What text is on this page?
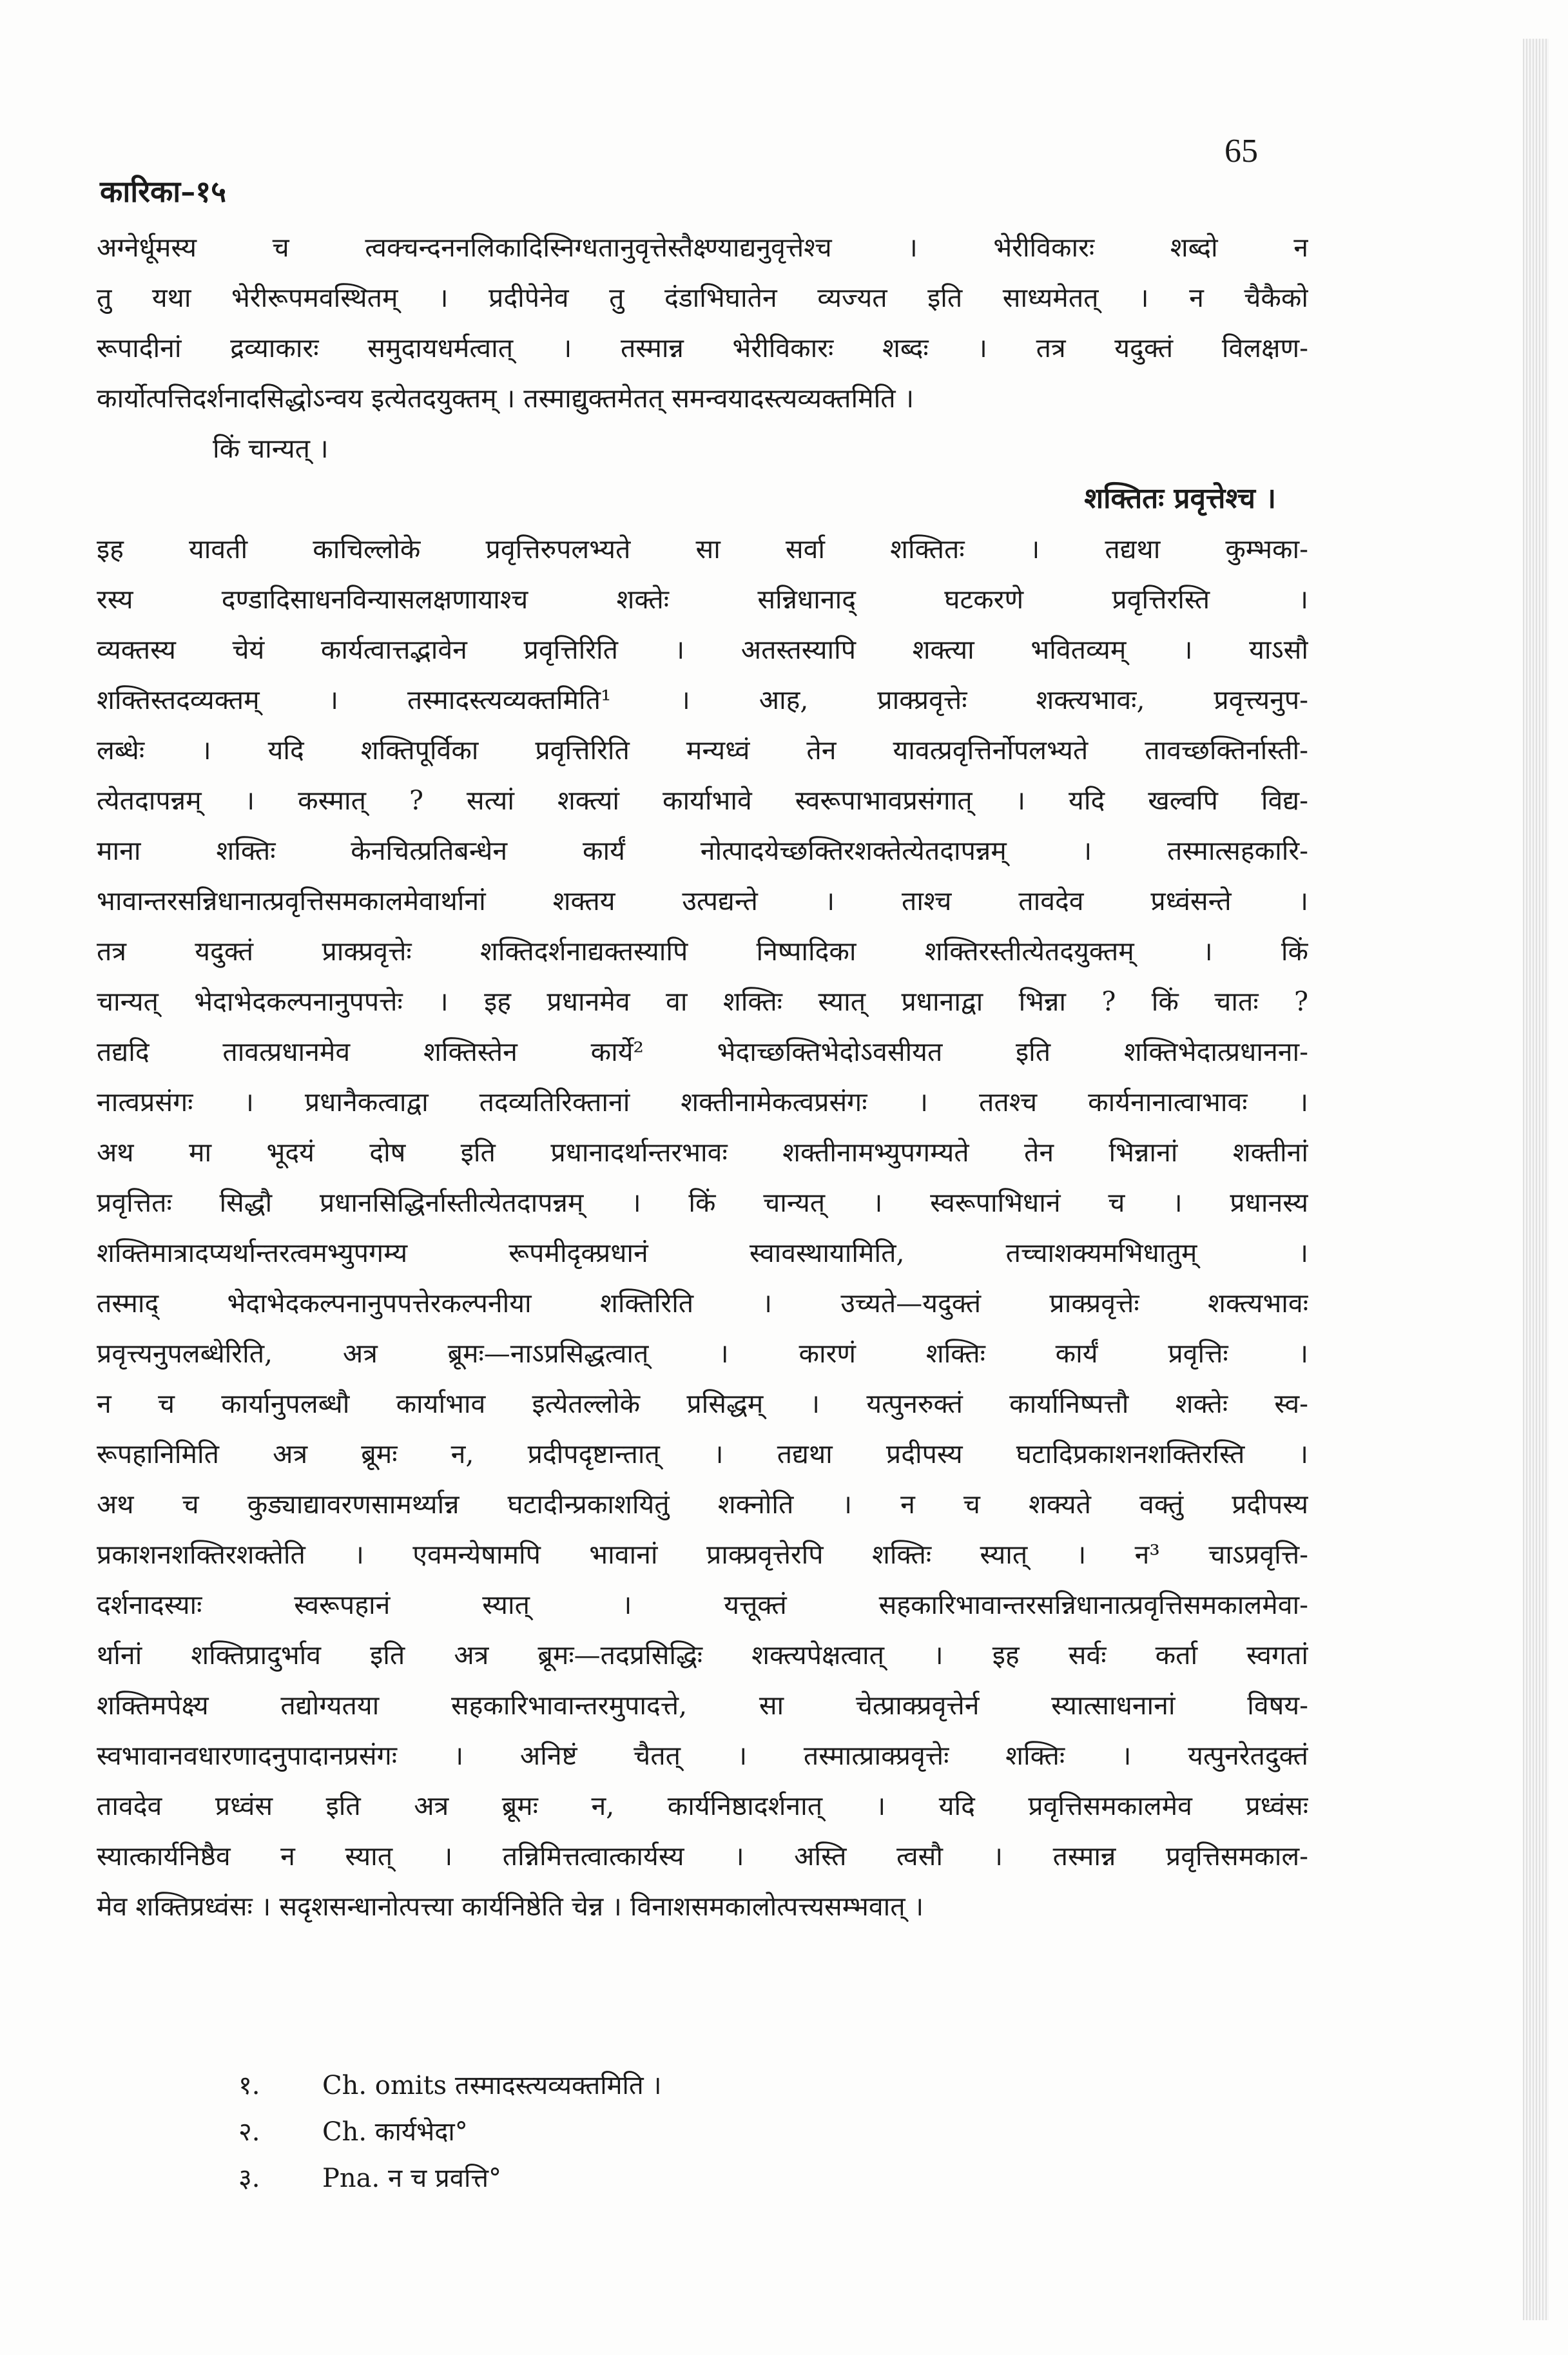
65
कारिका–१५
अग्नेर्धूमस्य च त्वक्चन्दननलिकादिस्निग्धतानुवृत्तेस्तैक्ष्ण्याद्यनुवृत्तेश्च । भेरीविकारः शब्दो न
तु यथा भेरीरूपमवस्थितम् । प्रदीपेनेव तु दंडाभिघातेन व्यज्यत इति साध्यमेतत् । न चैकैको
रूपादीनां द्रव्याकारः समुदायधर्मत्वात् । तस्मान्न भेरीविकारः शब्दः । तत्र यदुक्तं विलक्षण-
कार्योत्पत्तिदर्शनादसिद्धोऽन्वय इत्येतदयुक्तम् । तस्माद्युक्तमेतत् समन्वयादस्त्यव्यक्तमिति ।
किं चान्यत् ।
शक्तितः प्रवृत्तेश्च ।
इह यावती काचिल्लोके प्रवृत्तिरुपलभ्यते सा सर्वा शक्तितः । तद्यथा कुम्भका-
रस्य दण्डादिसाधनविन्यासलक्षणायाश्च शक्तेः सन्निधानाद् घटकरणे प्रवृत्तिरस्ति ।
व्यक्तस्य चेयं कार्यत्वात्तद्भावेन प्रवृत्तिरिति । अतस्तस्यापि शक्त्या भवितव्यम् । याऽसौ
शक्तिस्तदव्यक्तम् । तस्मादस्त्यव्यक्तमिति¹ । आह, प्राक्प्रवृत्तेः शक्त्यभावः, प्रवृत्त्यनुप-
लब्धेः । यदि शक्तिपूर्विका प्रवृत्तिरिति मन्यध्वं तेन यावत्प्रवृत्तिर्नोपलभ्यते तावच्छक्तिर्नास्ती-
त्येतदापन्नम् । कस्मात् ? सत्यां शक्त्यां कार्याभावे स्वरूपाभावप्रसंगात् । यदि खल्वपि विद्य-
माना शक्तिः केनचित्प्रतिबन्धेन कार्यं नोत्पादयेच्छक्तिरशक्तेत्येतदापन्नम् । तस्मात्सहकारि-
भावान्तरसन्निधानात्प्रवृत्तिसमकालमेवार्थानां शक्तय उत्पद्यन्ते । ताश्च तावदेव प्रध्वंसन्ते ।
तत्र यदुक्तं प्राक्प्रवृत्तेः शक्तिदर्शनाद्यक्तस्यापि निष्पादिका शक्तिरस्तीत्येतदयुक्तम् । किं
चान्यत् भेदाभेदकल्पनानुपपत्तेः । इह प्रधानमेव वा शक्तिः स्यात् प्रधानाद्वा भिन्ना ? किं चातः ?
तद्यदि तावत्प्रधानमेव शक्तिस्तेन कार्ये² भेदाच्छक्तिभेदोऽवसीयत इति शक्तिभेदात्प्रधानना-
नात्वप्रसंगः । प्रधानैकत्वाद्वा तदव्यतिरिक्तानां शक्तीनामेकत्वप्रसंगः । ततश्च कार्यनानात्वाभावः ।
अथ मा भूदयं दोष इति प्रधानादर्थान्तरभावः शक्तीनामभ्युपगम्यते तेन भिन्नानां शक्तीनां
प्रवृत्तितः सिद्धौ प्रधानसिद्धिर्नास्तीत्येतदापन्नम् । किं चान्यत् । स्वरूपाभिधानं च । प्रधानस्य
शक्तिमात्रादप्यर्थान्तरत्वमभ्युपगम्य रूपमीदृक्प्रधानं स्वावस्थायामिति, तच्चाशक्यमभिधातुम् ।
तस्माद् भेदाभेदकल्पनानुपपत्तेरकल्पनीया शक्तिरिति । उच्यते—यदुक्तं प्राक्प्रवृत्तेः शक्त्यभावः
प्रवृत्त्यनुपलब्धेरिति, अत्र ब्रूमः—नाऽप्रसिद्धत्वात् । कारणं शक्तिः कार्यं प्रवृत्तिः ।
न च कार्यानुपलब्धौ कार्याभाव इत्येतल्लोके प्रसिद्धम् । यत्पुनरुक्तं कार्यानिष्पत्तौ शक्तेः स्व-
रूपहानिमिति अत्र ब्रूमः न, प्रदीपदृष्टान्तात् । तद्यथा प्रदीपस्य घटादिप्रकाशनशक्तिरस्ति ।
अथ च कुड्याद्यावरणसामर्थ्यान्न घटादीन्प्रकाशयितुं शक्नोति । न च शक्यते वक्तुं प्रदीपस्य
प्रकाशनशक्तिरशक्तेति । एवमन्येषामपि भावानां प्राक्प्रवृत्तेरपि शक्तिः स्यात् । न³ चाऽप्रवृत्ति-
दर्शनादस्याः स्वरूपहानं स्यात् । यत्तूक्तं सहकारिभावान्तरसन्निधानात्प्रवृत्तिसमकालमेवा-
र्थानां शक्तिप्रादुर्भाव इति अत्र ब्रूमः—तदप्रसिद्धिः शक्त्यपेक्षत्वात् । इह सर्वः कर्ता स्वगतां
शक्तिमपेक्ष्य तद्योग्यतया सहकारिभावान्तरमुपादत्ते, सा चेत्प्राक्प्रवृत्तेर्न स्यात्साधनानां विषय-
स्वभावानवधारणादनुपादानप्रसंगः । अनिष्टं चैतत् । तस्मात्प्राक्प्रवृत्तेः शक्तिः । यत्पुनरेतदुक्तं
तावदेव प्रध्वंस इति अत्र ब्रूमः न, कार्यनिष्ठादर्शनात् । यदि प्रवृत्तिसमकालमेव प्रध्वंसः
स्यात्कार्यनिष्ठैव न स्यात् । तन्निमित्तत्वात्कार्यस्य । अस्ति त्वसौ । तस्मान्न प्रवृत्तिसमकाल-
मेव शक्तिप्रध्वंसः । सदृशसन्धानोत्पत्त्या कार्यनिष्ठेति चेन्न । विनाशसमकालोत्पत्त्यसम्भवात् ।
१. Ch. omits तस्मादस्त्यव्यक्तमिति ।
२. Ch. कार्यभेदा°
३. Pna. न च प्रवत्ति°
